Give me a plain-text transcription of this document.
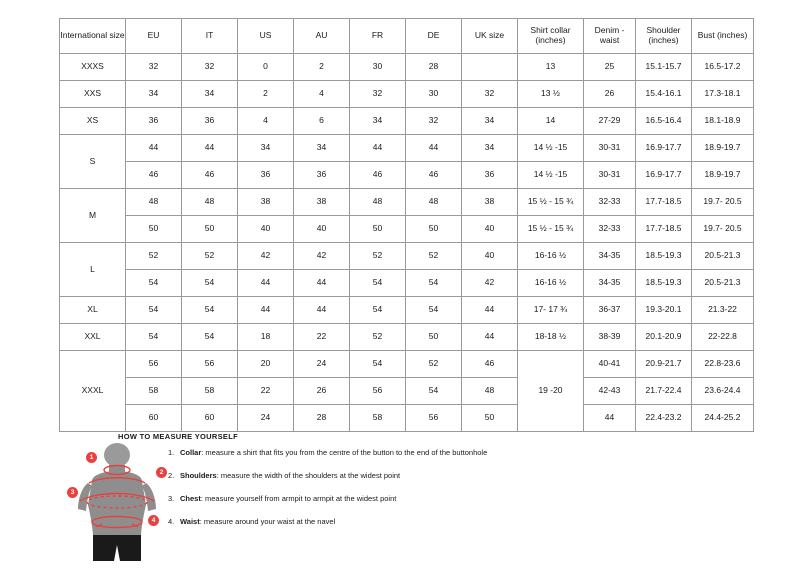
International size	EU	IT	US	AU	FR	DE	UK size	Shirt collar (inches)	Denim - waist	Shoulder (inches)	Bust (inches)
XXXS	32	32	0	2	30	28		13	25	15.1-15.7	16.5-17.2
XXS	34	34	2	4	32	30	32	13 ½	26	15.4-16.1	17.3-18.1
XS	36	36	4	6	34	32	34	14	27-29	16.5-16.4	18.1-18.9
S	44	44	34	34	44	44	34	14 ½ -15	30-31	16.9-17.7	18.9-19.7
	46	46	36	36	46	46	36	14 ½ -15	30-31	16.9-17.7	18.9-19.7
M	48	48	38	38	48	48	38	15 ½ - 15 ¾	32-33	17.7-18.5	19.7- 20.5
	50	50	40	40	50	50	40	15 ½ - 15 ¾	32-33	17.7-18.5	19.7- 20.5
L	52	52	42	42	52	52	40	16-16 ½	34-35	18.5-19.3	20.5-21.3
	54	54	44	44	54	54	42	16-16 ½	34-35	18.5-19.3	20.5-21.3
XL	54	54	44	44	54	54	44	17- 17 ¾	36-37	19.3-20.1	21.3-22
XXL	54	54	18	22	52	50	44	18-18 ½	38-39	20.1-20.9	22-22.8
XXXL	56	56	20	24	54	52	46	19 -20	40-41	20.9-21.7	22.8-23.6
	58	58	22	26	56	54	48		42-43	21.7-22.4	23.6-24.4
	60	60	24	28	58	56	50		44	22.4-23.2	24.4-25.2
HOW TO MEASURE YOURSELF
Collar: measure a shirt that fits you from the centre of the button to the end of the buttonhole
Shoulders: measure the width of the shoulders at the widest point
Chest: measure yourself from armpit to armpit at the widest point
Waist: measure around your waist at the navel
1
2
3
4
